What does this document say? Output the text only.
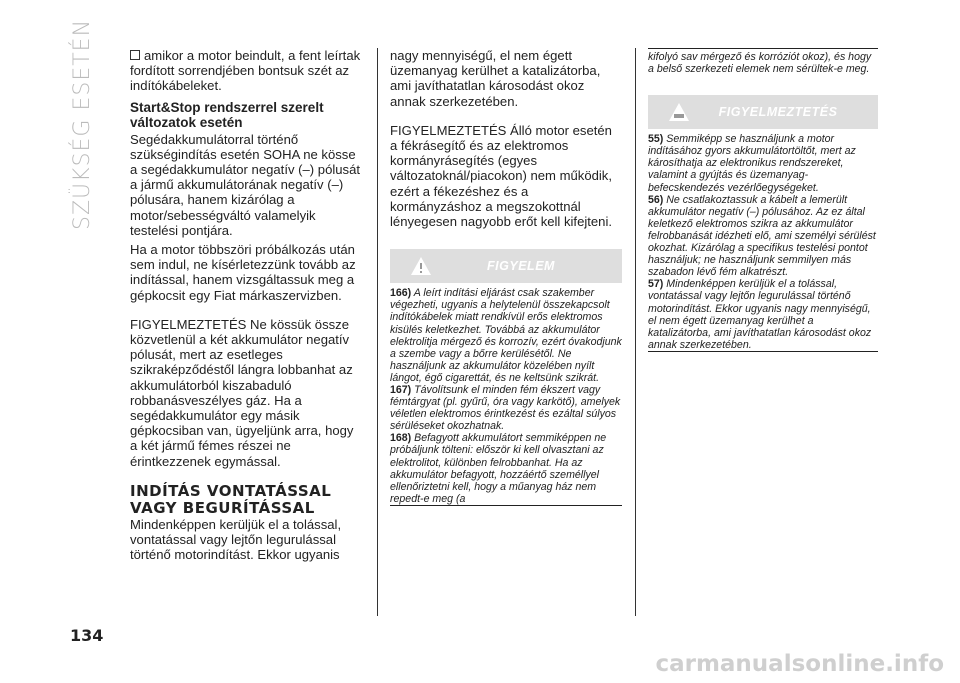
SZÜKSÉG ESETÉN
134

amikor a motor beindult, a fent leírtak fordított sorrendjében bontsuk szét az indítókábeleket.

Start&Stop rendszerrel szerelt változatok esetén

Segédakkumulátorral történő szükségindítás esetén SOHA ne kösse a segédakkumulátor negatív (–) pólusát a jármű akkumulátorának negatív (–) pólusára, hanem kizárólag a motor/sebességváltó valamelyik testelési pontjára.

Ha a motor többszöri próbálkozás után sem indul, ne kísérletezzünk tovább az indítással, hanem vizsgáltassuk meg a gépkocsit egy Fiat márkaszervizben.

FIGYELMEZTETÉS Ne kössük össze közvetlenül a két akkumulátor negatív pólusát, mert az esetleges szikraképződéstől lángra lobbanhat az akkumulátorból kiszabaduló robbanásveszélyes gáz. Ha a segédakkumulátor egy másik gépkocsiban van, ügyeljünk arra, hogy a két jármű fémes részei ne érintkezzenek egymással.

INDÍTÁS VONTATÁSSAL VAGY BEGURÍTÁSSAL

Mindenképpen kerüljük el a tolással, vontatással vagy lejtőn legurulással történő motorindítást. Ekkor ugyanis

nagy mennyiségű, el nem égett üzemanyag kerülhet a katalizátorba, ami javíthatatlan károsodást okoz annak szerkezetében.

FIGYELMEZTETÉS Álló motor esetén a fékrásegítő és az elektromos kormányrásegítés (egyes változatoknál/piacokon) nem működik, ezért a fékezéshez és a kormányzáshoz a megszokottnál lényegesen nagyobb erőt kell kifejteni.

FIGYELEM

166) A leírt indítási eljárást csak szakember végezheti, ugyanis a helytelenül összekapcsolt indítókábelek miatt rendkívül erős elektromos kisülés keletkezhet. Továbbá az akkumulátor elektrolitja mérgező és korrozív, ezért óvakodjunk a szembe vagy a bőrre kerülésétől. Ne használjunk az akkumulátor közelében nyílt lángot, égő cigarettát, és ne keltsünk szikrát.

167) Távolítsunk el minden fém ékszert vagy fémtárgyat (pl. gyűrű, óra vagy karkötő), amelyek véletlen elektromos érintkezést és ezáltal súlyos sérüléseket okozhatnak.

168) Befagyott akkumulátort semmiképpen ne próbáljunk tölteni: először ki kell olvasztani az elektrolitot, különben felrobbanhat. Ha az akkumulátor befagyott, hozzáértő személlyel ellenőriztetni kell, hogy a műanyag ház nem repedt-e meg (a

kifolyó sav mérgező és korróziót okoz), és hogy a belső szerkezeti elemek nem sérültek-e meg.

FIGYELMEZTETÉS

55) Semmiképp se használjunk a motor indításához gyors akkumulátortöltőt, mert az károsíthatja az elektronikus rendszereket, valamint a gyújtás és üzemanyag-befecskendezés vezérlőegységeket.

56) Ne csatlakoztassuk a kábelt a lemerült akkumulátor negatív (–) pólusához. Az ez által keletkező elektromos szikra az akkumulátor felrobbanását idézheti elő, ami személyi sérülést okozhat. Kizárólag a specifikus testelési pontot használjuk; ne használjunk semmilyen más szabadon lévő fém alkatrészt.

57) Mindenképpen kerüljük el a tolással, vontatással vagy lejtőn legurulással történő motorindítást. Ekkor ugyanis nagy mennyiségű, el nem égett üzemanyag kerülhet a katalizátorba, ami javíthatatlan károsodást okoz annak szerkezetében.

carmanualsonline.info
